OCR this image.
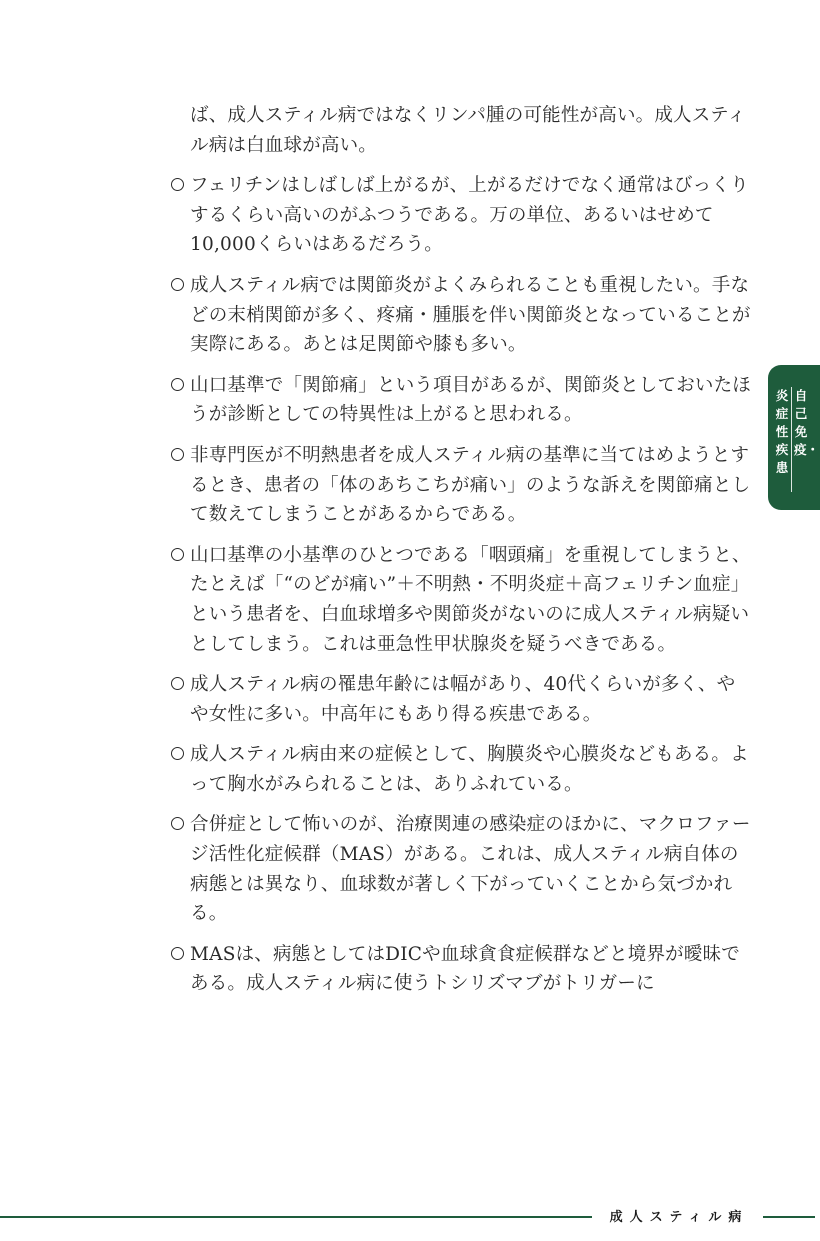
ば、成人スティル病ではなくリンパ腫の可能性が高い。成人スティル病は白血球が高い。

フェリチンはしばしば上がるが、上がるだけでなく通常はびっくりするくらい高いのがふつうである。万の単位、あるいはせめて10,000くらいはあるだろう。

成人スティル病では関節炎がよくみられることも重視したい。手などの末梢関節が多く、疼痛・腫脹を伴い関節炎となっていることが実際にある。あとは足関節や膝も多い。

山口基準で「関節痛」という項目があるが、関節炎としておいたほうが診断としての特異性は上がると思われる。

非専門医が不明熱患者を成人スティル病の基準に当てはめようとするとき、患者の「体のあちこちが痛い」のような訴えを関節痛として数えてしまうことがあるからである。

山口基準の小基準のひとつである「咽頭痛」を重視してしまうと、たとえば「“のどが痛い”＋不明熱・不明炎症＋高フェリチン血症」という患者を、白血球増多や関節炎がないのに成人スティル病疑いとしてしまう。これは亜急性甲状腺炎を疑うべきである。

成人スティル病の罹患年齢には幅があり、40代くらいが多く、やや女性に多い。中高年にもあり得る疾患である。

成人スティル病由来の症候として、胸膜炎や心膜炎などもある。よって胸水がみられることは、ありふれている。

合併症として怖いのが、治療関連の感染症のほかに、マクロファージ活性化症候群（MAS）がある。これは、成人スティル病自体の病態とは異なり、血球数が著しく下がっていくことから気づかれる。

MASは、病態としてはDICや血球貪食症候群などと境界が曖昧である。成人スティル病に使うトシリズマブがトリガーに

炎症性疾患
自己免疫・
成人スティル病
